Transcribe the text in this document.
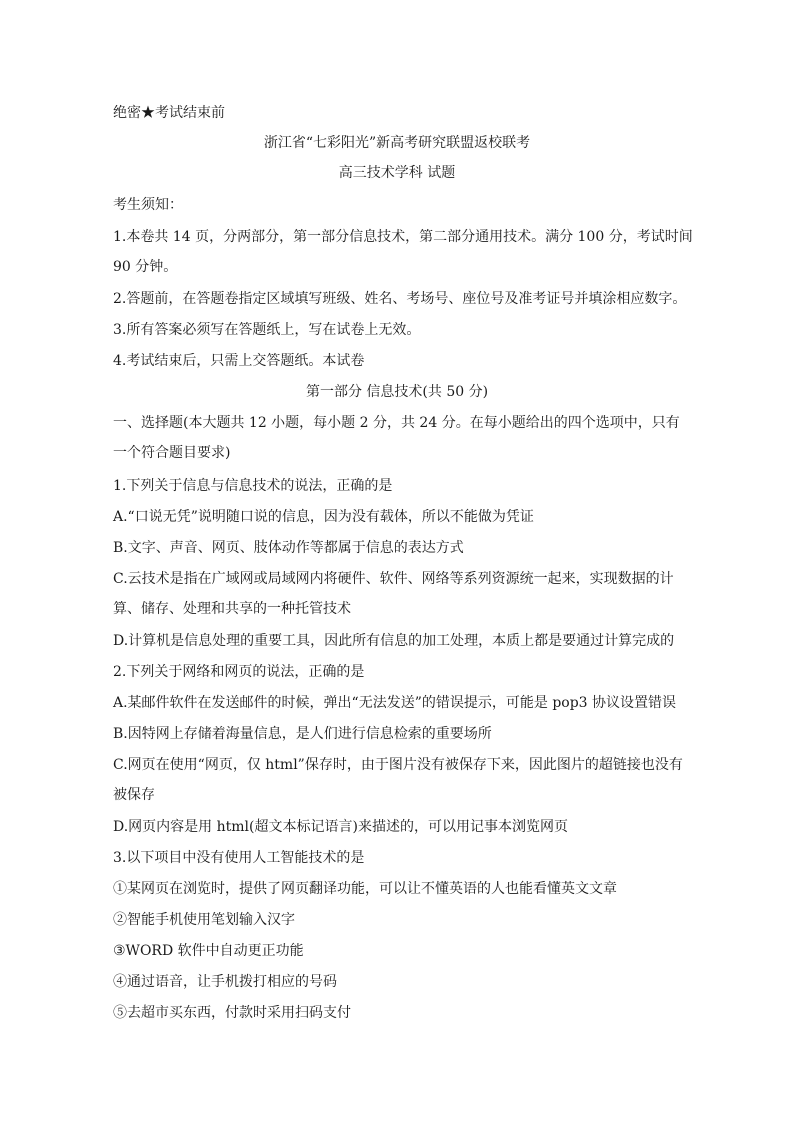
绝密★考试结束前
浙江省“七彩阳光”新高考研究联盟返校联考
高三技术学科 试题
考生须知：
1.本卷共 14 页，分两部分，第一部分信息技术，第二部分通用技术。满分 100 分，考试时间 90 分钟。
2.答题前，在答题卷指定区域填写班级、姓名、考场号、座位号及准考证号并填涂相应数字。
3.所有答案必须写在答题纸上，写在试卷上无效。
4.考试结束后，只需上交答题纸。本试卷
第一部分 信息技术(共 50 分)
一、选择题(本大题共 12 小题，每小题 2 分，共 24 分。在每小题给出的四个选项中，只有一个符合题目要求)
1.下列关于信息与信息技术的说法，正确的是
A.“口说无凭”说明随口说的信息，因为没有载体，所以不能做为凭证
B.文字、声音、网页、肢体动作等都属于信息的表达方式
C.云技术是指在广域网或局域网内将硬件、软件、网络等系列资源统一起来，实现数据的计算、储存、处理和共享的一种托管技术
D.计算机是信息处理的重要工具，因此所有信息的加工处理，本质上都是要通过计算完成的
2.下列关于网络和网页的说法，正确的是
A.某邮件软件在发送邮件的时候，弹出“无法发送”的错误提示，可能是 pop3 协议设置错误
B.因特网上存储着海量信息，是人们进行信息检索的重要场所
C.网页在使用“网页，仅 html”保存时，由于图片没有被保存下来，因此图片的超链接也没有被保存
D.网页内容是用 html(超文本标记语言)来描述的，可以用记事本浏览网页
3.以下项目中没有使用人工智能技术的是
①某网页在浏览时，提供了网页翻译功能，可以让不懂英语的人也能看懂英文文章
②智能手机使用笔划输入汉字
③WORD 软件中自动更正功能
④通过语音，让手机拨打相应的号码
⑤去超市买东西，付款时采用扫码支付
